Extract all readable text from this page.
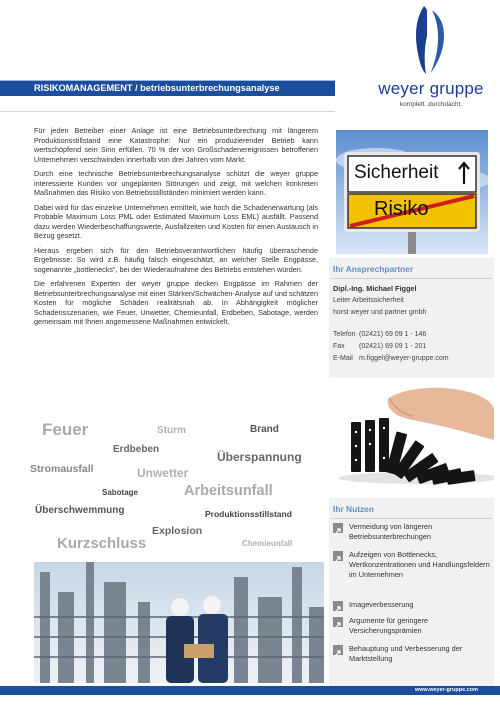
weyer gruppe
komplett. durchdacht.
RISIKOMANAGEMENT / betriebsunterbrechungsanalyse

Für jeden Betreiber einer Anlage ist eine Betriebsunterbrechung mit längerem Produktionsstillstand eine Katastrophe: Nur ein produzierender Betrieb kann wertschöpfend sein Sinn erfüllen. 70 % der von Großschadenereignissen betroffenen Unternehmen verschwinden innerhalb von drei Jahren vom Markt.

Durch eine technische Betriebsunterbrechungsanalyse schützt die weyer gruppe interessierte Kunden vor ungeplanten Störungen und zeigt, mit welchen konkreten Maßnahmen das Risiko von Betriebsstillständen minimiert werden kann.

Dabei wird für das einzelne Unternehmen ermittelt, wie hoch die Schadenerwartung (als Probable Maximum Loss PML oder Estimated Maximum Loss EML) ausfällt. Passend dazu werden Wiederbeschaffungswerte, Ausfallzeiten und Kosten für einen Austausch in Bezug gesetzt.

Hieraus ergeben sich für den Betriebsverantwortlichen häufig überraschende Ergebnisse: So wird z.B. häufig falsch eingeschätzt, an welcher Stelle Engpässe, sogenannte „bottlenecks“, bei der Wiederaufnahme des Betriebs entstehen würden.

Die erfahrenen Experten der weyer gruppe decken Engpässe im Rahmen der Betriebsunterbrechungsanalyse mit einer Stärken/Schwächen-Analyse auf und schätzen Kosten für mögliche Schäden realitätsnah ab. In Abhängigkeit möglicher Schadensszenarien, wie Feuer, Unwetter, Chemieunfall, Erdbeben, Sabotage, werden gemeinsam mit Ihnen angemessene Maßnahmen entwickelt.

Feuer	Sturm	Brand
Erdbeben
Überspannung
Stromausfall	Unwetter
Sabotage	Arbeitsunfall
Überschwemmung	Produktionsstillstand
Explosion
Kurzschluss	Chemieunfall
Sicherheit
Risiko
Ihr Ansprechpartner
Dipl.-Ing. Michael Figgel
Leiter Arbeitssicherheit
horst weyer und partner gmbh
Telefon (02421) 69 09 1 - 146
Fax (02421) 69 09 1 - 201
E-Mail m.figgel@weyer-gruppe.com
Ihr Nutzen
Vermeidung von längeren Betriebsunterbrechungen
Aufzeigen von Bottlenecks, Wertkonzentrationen und Handlungsfeldern im Unternehmen
Imageverbesserung
Argumente für geringere Versicherungsprämien
Behauptung und Verbesserung der Marktstellung
www.weyer-gruppe.com
